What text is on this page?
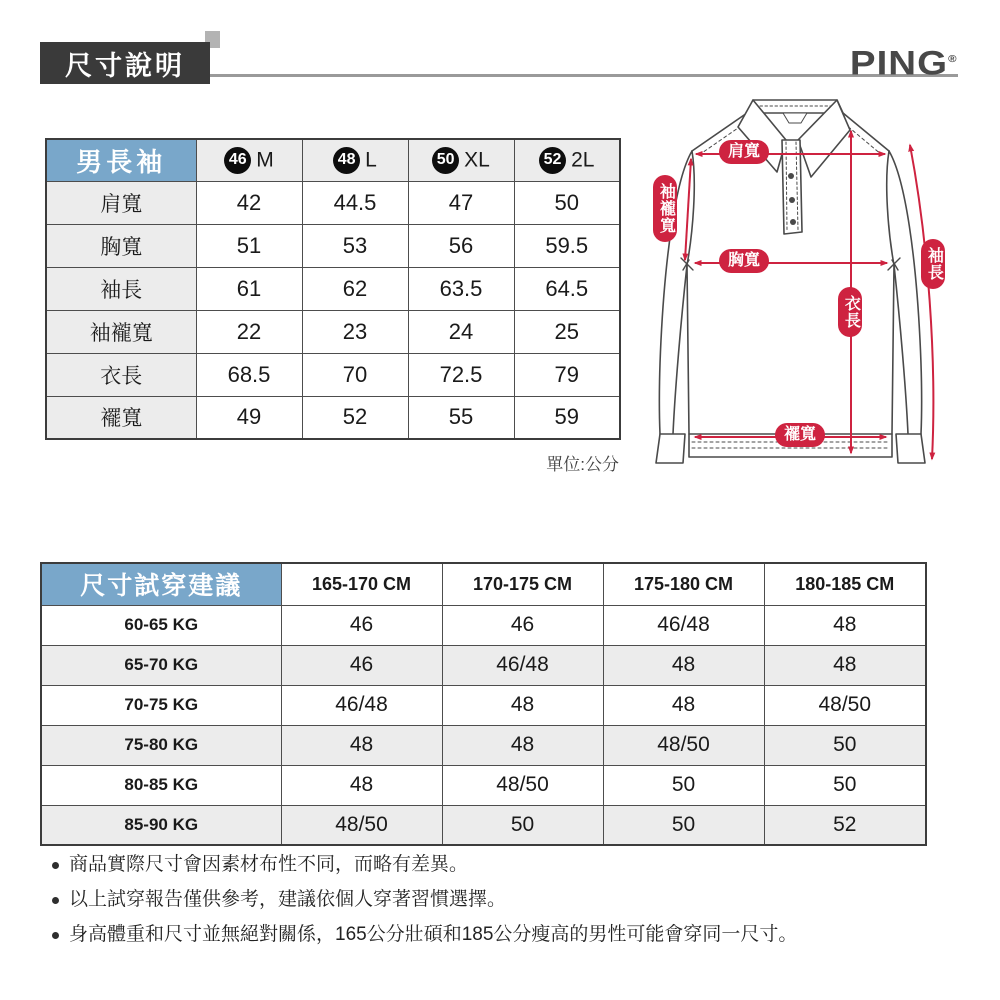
尺寸說明	PING®
男長袖	46 M	48 L	50 XL	52 2L
肩寬	42	44.5	47	50
胸寬	51	53	56	59.5
袖長	61	62	63.5	64.5
袖襱寬	22	23	24	25
衣長	68.5	70	72.5	79
襬寬	49	52	55	59
單位:公分
肩寬
袖襱寬
胸寬
衣長
襬寬
袖長
尺寸試穿建議	165-170 CM	170-175 CM	175-180 CM	180-185 CM
60-65 KG	46	46	46/48	48
65-70 KG	46	46/48	48	48
70-75 KG	46/48	48	48	48/50
75-80 KG	48	48	48/50	50
80-85 KG	48	48/50	50	50
85-90 KG	48/50	50	50	52
商品實際尺寸會因素材布性不同，而略有差異。
以上試穿報告僅供參考，建議依個人穿著習慣選擇。
身高體重和尺寸並無絕對關係，165公分壯碩和185公分瘦高的男性可能會穿同一尺寸。
